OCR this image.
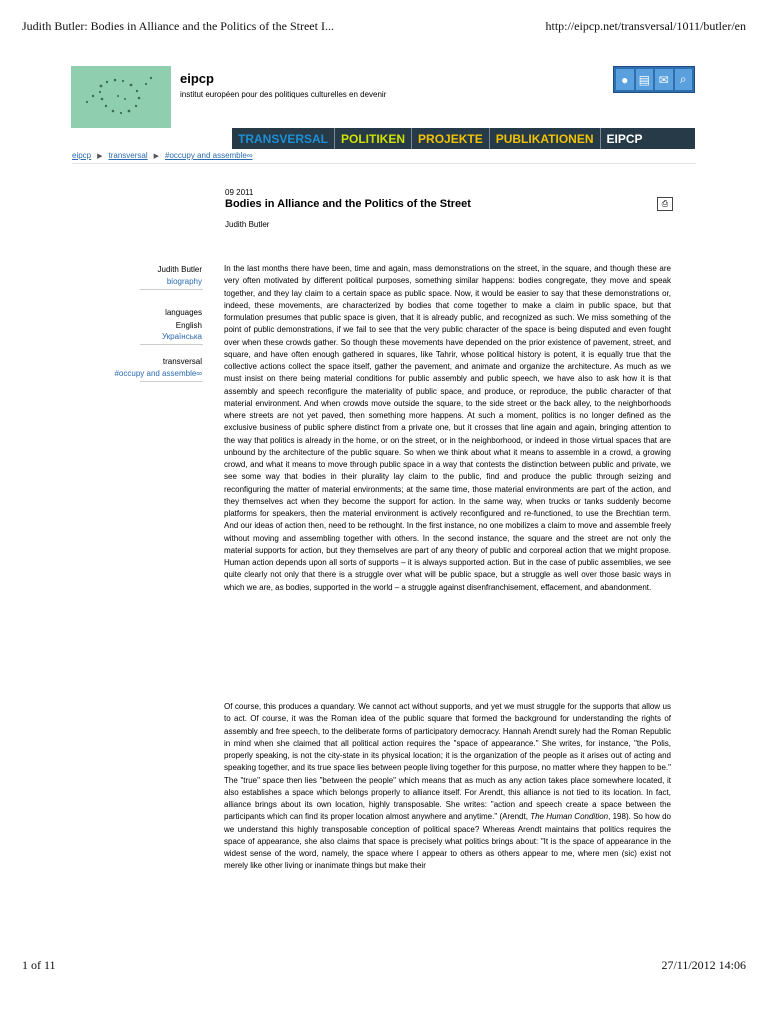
Judith Butler: Bodies in Alliance and the Politics of the Street I...	http://eipcp.net/transversal/1011/butler/en
eipcp
institut européen pour des politiques culturelles en devenir
● ▤ ✉ ⌕
TRANSVERSAL	POLITIKEN	PROJEKTE	PUBLIKATIONEN	EIPCP
eipcp ▶ transversal ▶ #occupy and assemble∞
09 2011
Bodies in Alliance and the Politics of the Street
Judith Butler
⎙
Judith Butler
biography
languages
English
Українська
transversal
#occupy and assemble∞
In the last months there have been, time and again, mass demonstrations on the street, in the square, and though these are very often motivated by different political purposes, something similar happens: bodies congregate, they move and speak together, and they lay claim to a certain space as public space. Now, it would be easier to say that these demonstrations or, indeed, these movements, are characterized by bodies that come together to make a claim in public space, but that formulation presumes that public space is given, that it is already public, and recognized as such. We miss something of the point of public demonstrations, if we fail to see that the very public character of the space is being disputed and even fought over when these crowds gather. So though these movements have depended on the prior existence of pavement, street, and square, and have often enough gathered in squares, like Tahrir, whose political history is potent, it is equally true that the collective actions collect the space itself, gather the pavement, and animate and organize the architecture. As much as we must insist on there being material conditions for public assembly and public speech, we have also to ask how it is that assembly and speech reconfigure the materiality of public space, and produce, or reproduce, the public character of that material environment. And when crowds move outside the square, to the side street or the back alley, to the neighborhoods where streets are not yet paved, then something more happens. At such a moment, politics is no longer defined as the exclusive business of public sphere distinct from a private one, but it crosses that line again and again, bringing attention to the way that politics is already in the home, or on the street, or in the neighborhood, or indeed in those virtual spaces that are unbound by the architecture of the public square. So when we think about what it means to assemble in a crowd, a growing crowd, and what it means to move through public space in a way that contests the distinction between public and private, we see some way that bodies in their plurality lay claim to the public, find and produce the public through seizing and reconfiguring the matter of material environments; at the same time, those material environments are part of the action, and they themselves act when they become the support for action. In the same way, when trucks or tanks suddenly become platforms for speakers, then the material environment is actively reconfigured and re-functioned, to use the Brechtian term. And our ideas of action then, need to be rethought. In the first instance, no one mobilizes a claim to move and assemble freely without moving and assembling together with others. In the second instance, the square and the street are not only the material supports for action, but they themselves are part of any theory of public and corporeal action that we might propose. Human action depends upon all sorts of supports – it is always supported action. But in the case of public assemblies, we see quite clearly not only that there is a struggle over what will be public space, but a struggle as well over those basic ways in which we are, as bodies, supported in the world – a struggle against disenfranchisement, effacement, and abandonment.
Of course, this produces a quandary. We cannot act without supports, and yet we must struggle for the supports that allow us to act. Of course, it was the Roman idea of the public square that formed the background for understanding the rights of assembly and free speech, to the deliberate forms of participatory democracy. Hannah Arendt surely had the Roman Republic in mind when she claimed that all political action requires the "space of appearance." She writes, for instance, "the Polis, properly speaking, is not the city-state in its physical location; it is the organization of the people as it arises out of acting and speaking together, and its true space lies between people living together for this purpose, no matter where they happen to be." The "true" space then lies "between the people" which means that as much as any action takes place somewhere located, it also establishes a space which belongs properly to alliance itself. For Arendt, this alliance is not tied to its location. In fact, alliance brings about its own location, highly transposable. She writes: "action and speech create a space between the participants which can find its proper location almost anywhere and anytime." (Arendt, The Human Condition, 198). So how do we understand this highly transposable conception of political space? Whereas Arendt maintains that politics requires the space of appearance, she also claims that space is precisely what politics brings about: "It is the space of appearance in the widest sense of the word, namely, the space where I appear to others as others appear to me, where men (sic) exist not merely like other living or inanimate things but make their
1 of 11	27/11/2012 14:06
